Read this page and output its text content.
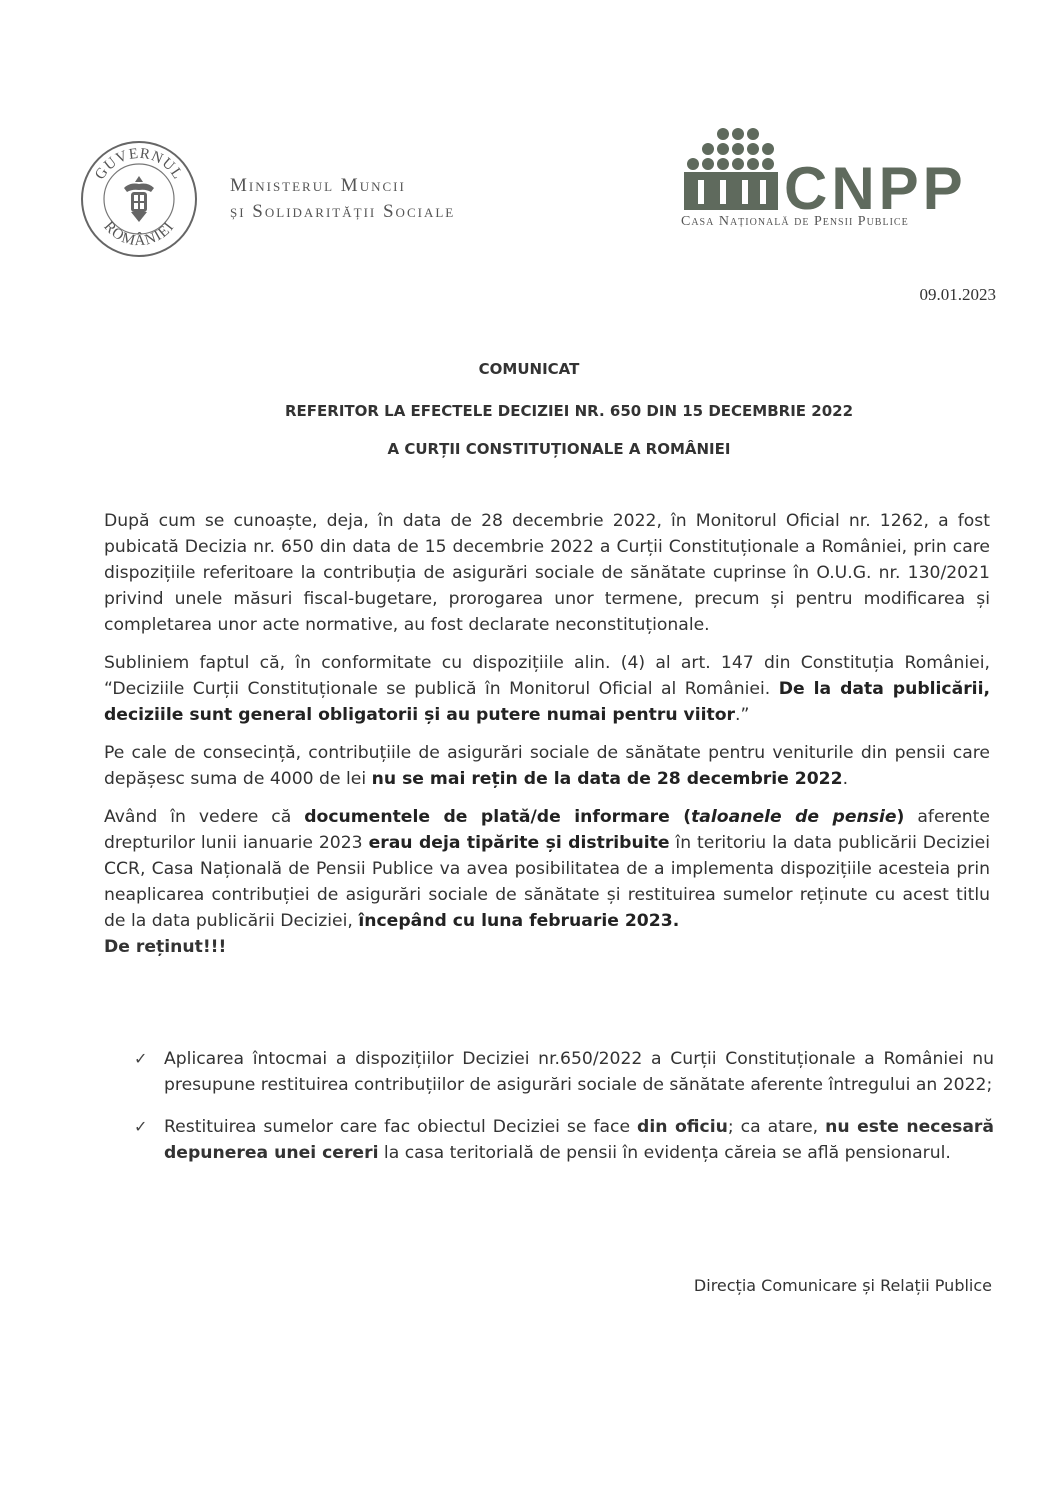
GUVERNUL
ROMÂNIEI
Ministerul Muncii
și Solidarității Sociale	CNPP
Casa Națională de Pensii Publice
09.01.2023
COMUNICAT
REFERITOR LA EFECTELE DECIZIEI NR. 650 DIN 15 DECEMBRIE 2022
A CURȚII CONSTITUȚIONALE A ROMÂNIEI

După cum se cunoaște, deja, în data de 28 decembrie 2022, în Monitorul Oficial nr. 1262, a fost pubicată Decizia nr. 650 din data de 15 decembrie 2022 a Curții Constituționale a României, prin care dispozițiile referitoare la contribuția de asigurări sociale de sănătate cuprinse în O.U.G. nr. 130/2021 privind unele măsuri fiscal-bugetare, prorogarea unor termene, precum și pentru modificarea și completarea unor acte normative, au fost declarate neconstituționale.

Subliniem faptul că, în conformitate cu dispozițiile alin. (4) al art. 147 din Constituția României, “Deciziile Curții Constituționale se publică în Monitorul Oficial al României. De la data publicării, deciziile sunt general obligatorii și au putere numai pentru viitor.”

Pe cale de consecință, contribuțiile de asigurări sociale de sănătate pentru veniturile din pensii care depășesc suma de 4000 de lei nu se mai rețin de la data de 28 decembrie 2022.

Având în vedere că documentele de plată/de informare (taloanele de pensie) aferente drepturilor lunii ianuarie 2023 erau deja tipărite și distribuite în teritoriu la data publicării Deciziei CCR, Casa Națională de Pensii Publice va avea posibilitatea de a implementa dispozițiile acesteia prin neaplicarea contribuției de asigurări sociale de sănătate și restituirea sumelor reținute cu acest titlu de la data publicării Deciziei, începând cu luna februarie 2023.

De reținut!!!

✓ Aplicarea întocmai a dispozițiilor Deciziei nr.650/2022 a Curții Constituționale a României nu presupune restituirea contribuțiilor de asigurări sociale de sănătate aferente întregului an 2022;
✓ Restituirea sumelor care fac obiectul Deciziei se face din oficiu; ca atare, nu este necesară depunerea unei cereri la casa teritorială de pensii în evidența căreia se află pensionarul.
Direcția Comunicare și Relații Publice
